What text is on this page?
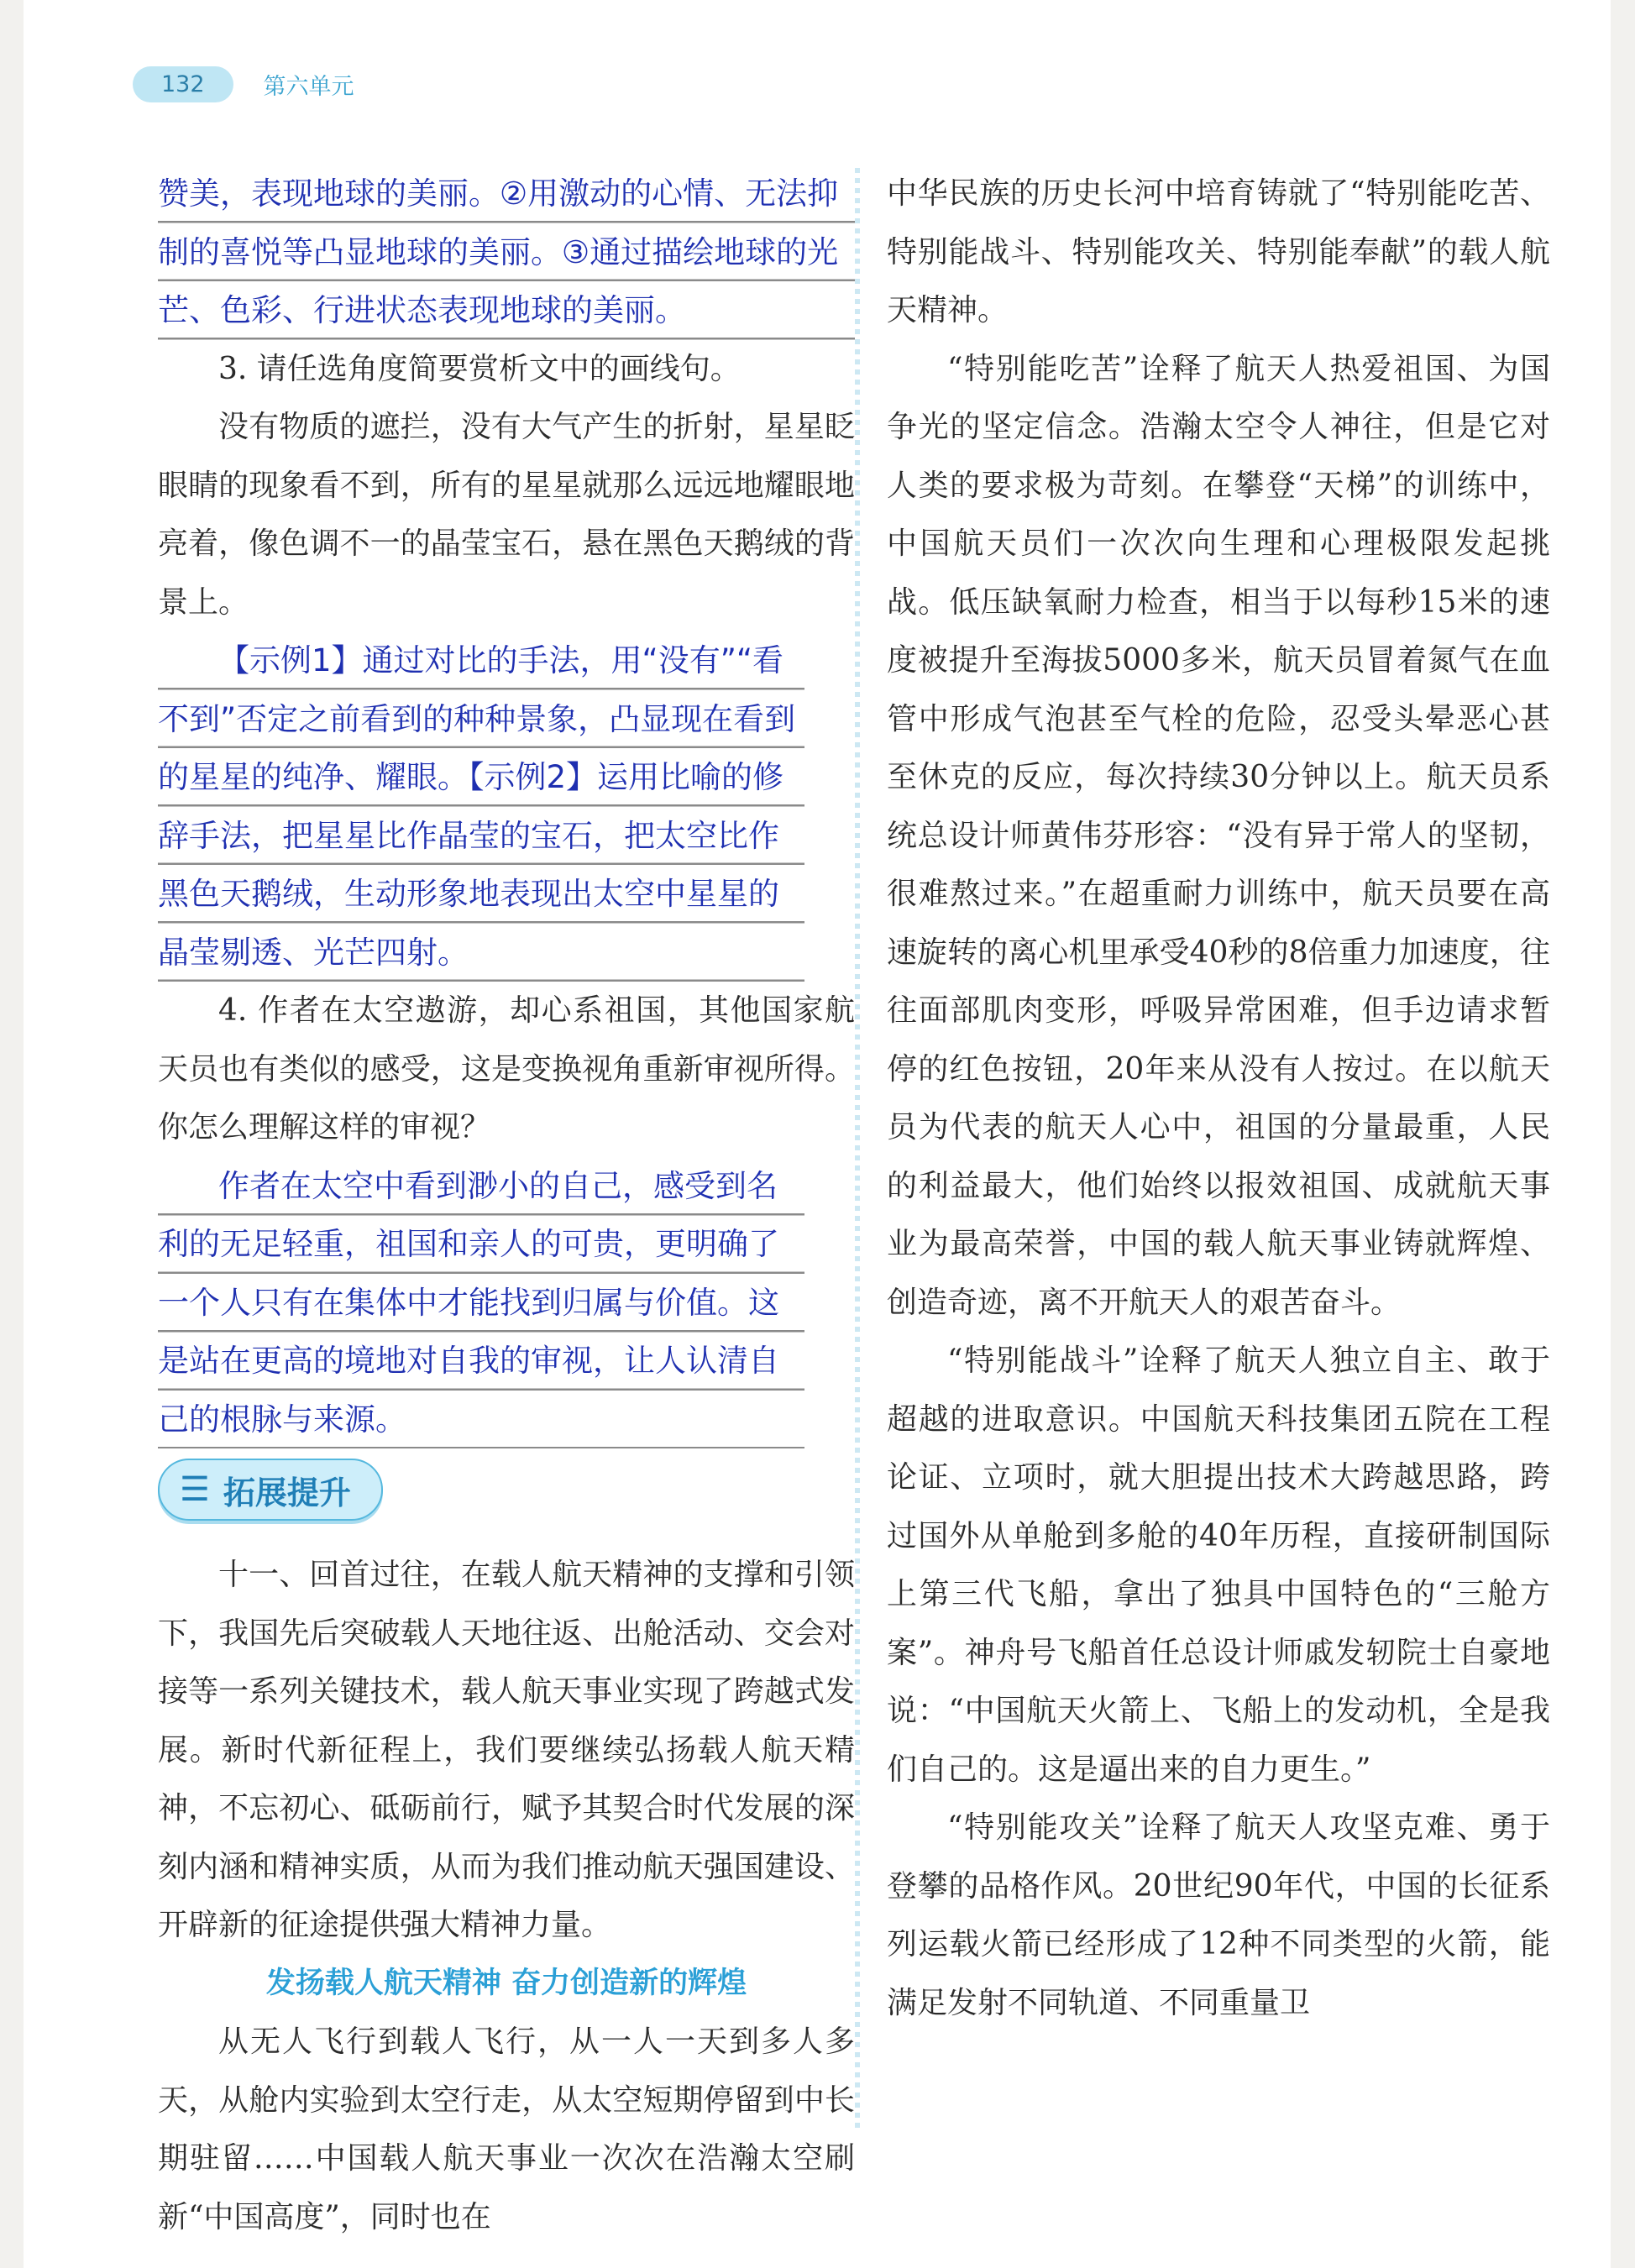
132	第六单元

赞美，表现地球的美丽。②用激动的心情、无法抑制的喜悦等凸显地球的美丽。③通过描绘地球的光芒、色彩、行进状态表现地球的美丽。

3. 请任选角度简要赏析文中的画线句。

没有物质的遮拦，没有大气产生的折射，星星眨眼睛的现象看不到，所有的星星就那么远远地耀眼地亮着，像色调不一的晶莹宝石，悬在黑色天鹅绒的背景上。

【示例1】通过对比的手法，用“没有”“看不到”否定之前看到的种种景象，凸显现在看到的星星的纯净、耀眼。【示例2】运用比喻的修辞手法，把星星比作晶莹的宝石，把太空比作黑色天鹅绒，生动形象地表现出太空中星星的晶莹剔透、光芒四射。

4. 作者在太空遨游，却心系祖国，其他国家航天员也有类似的感受，这是变换视角重新审视所得。你怎么理解这样的审视？

作者在太空中看到渺小的自己，感受到名利的无足轻重，祖国和亲人的可贵，更明确了一个人只有在集体中才能找到归属与价值。这是站在更高的境地对自我的审视，让人认清自己的根脉与来源。

☰ 拓展提升

十一、回首过往，在载人航天精神的支撑和引领下，我国先后突破载人天地往返、出舱活动、交会对接等一系列关键技术，载人航天事业实现了跨越式发展。新时代新征程上，我们要继续弘扬载人航天精神，不忘初心、砥砺前行，赋予其契合时代发展的深刻内涵和精神实质，从而为我们推动航天强国建设、开辟新的征途提供强大精神力量。

发扬载人航天精神 奋力创造新的辉煌

从无人飞行到载人飞行，从一人一天到多人多天，从舱内实验到太空行走，从太空短期停留到中长期驻留……中国载人航天事业一次次在浩瀚太空刷新“中国高度”，同时也在

中华民族的历史长河中培育铸就了“特别能吃苦、特别能战斗、特别能攻关、特别能奉献”的载人航天精神。

“特别能吃苦”诠释了航天人热爱祖国、为国争光的坚定信念。浩瀚太空令人神往，但是它对人类的要求极为苛刻。在攀登“天梯”的训练中，中国航天员们一次次向生理和心理极限发起挑战。低压缺氧耐力检查，相当于以每秒15米的速度被提升至海拔5000多米，航天员冒着氮气在血管中形成气泡甚至气栓的危险，忍受头晕恶心甚至休克的反应，每次持续30分钟以上。航天员系统总设计师黄伟芬形容：“没有异于常人的坚韧，很难熬过来。”在超重耐力训练中，航天员要在高速旋转的离心机里承受40秒的8倍重力加速度，往往面部肌肉变形，呼吸异常困难，但手边请求暂停的红色按钮，20年来从没有人按过。在以航天员为代表的航天人心中，祖国的分量最重，人民的利益最大，他们始终以报效祖国、成就航天事业为最高荣誉，中国的载人航天事业铸就辉煌、创造奇迹，离不开航天人的艰苦奋斗。

“特别能战斗”诠释了航天人独立自主、敢于超越的进取意识。中国航天科技集团五院在工程论证、立项时，就大胆提出技术大跨越思路，跨过国外从单舱到多舱的40年历程，直接研制国际上第三代飞船，拿出了独具中国特色的“三舱方案”。神舟号飞船首任总设计师戚发轫院士自豪地说：“中国航天火箭上、飞船上的发动机，全是我们自己的。这是逼出来的自力更生。”

“特别能攻关”诠释了航天人攻坚克难、勇于登攀的品格作风。20世纪90年代，中国的长征系列运载火箭已经形成了12种不同类型的火箭，能满足发射不同轨道、不同重量卫
